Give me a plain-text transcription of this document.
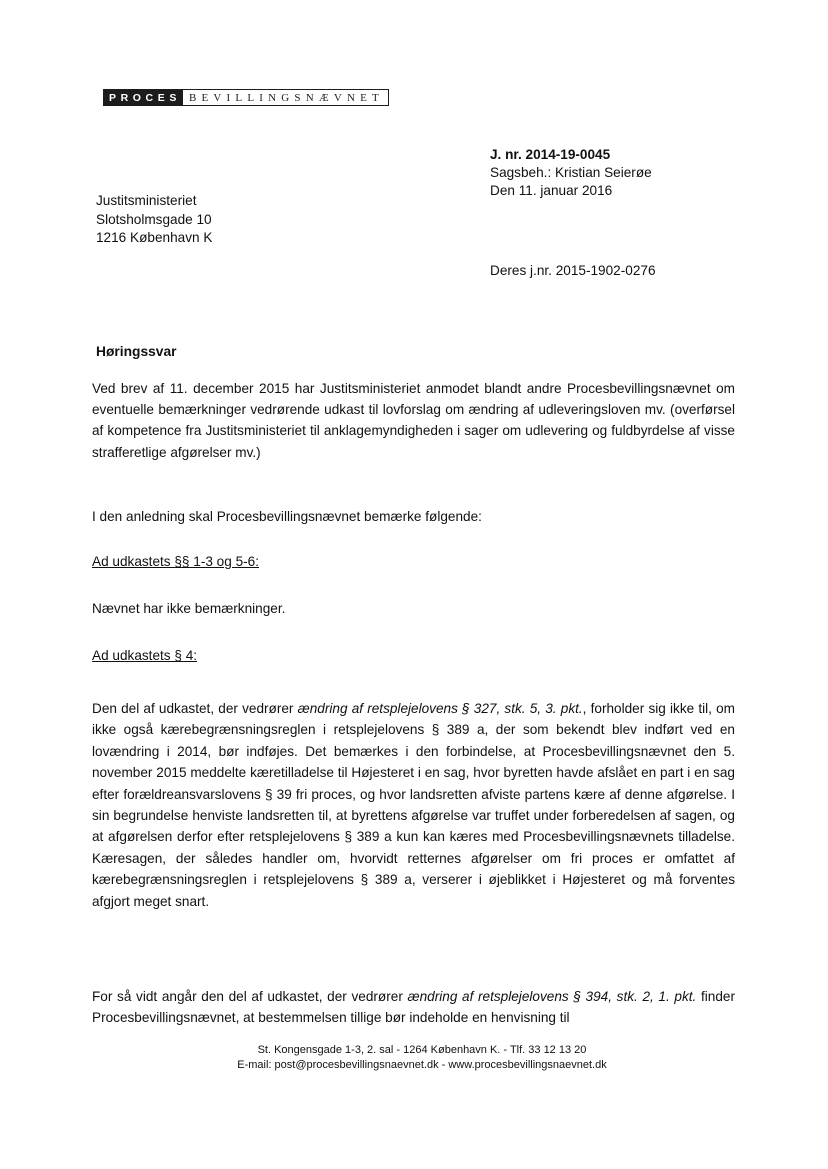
PROCES BEVILLINGSNÆVNET
J. nr. 2014-19-0045
Sagsbeh.: Kristian Seierøe
Den 11. januar 2016
Justitsministeriet
Slotsholmsgade 10
1216 København K
Deres j.nr. 2015-1902-0276
Høringssvar

Ved brev af 11. december 2015 har Justitsministeriet anmodet blandt andre Procesbevillingsnævnet om eventuelle bemærkninger vedrørende udkast til lovforslag om ændring af udleveringsloven mv. (overførsel af kompetence fra Justitsministeriet til anklagemyndigheden i sager om udlevering og fuldbyrdelse af visse strafferetlige afgørelser mv.)

I den anledning skal Procesbevillingsnævnet bemærke følgende:

Ad udkastets §§ 1-3 og 5-6:

Nævnet har ikke bemærkninger.

Ad udkastets § 4:

Den del af udkastet, der vedrører ændring af retsplejelovens § 327, stk. 5, 3. pkt., forholder sig ikke til, om ikke også kærebegrænsningsreglen i retsplejelovens § 389 a, der som bekendt blev indført ved en lovændring i 2014, bør indføjes. Det bemærkes i den forbindelse, at Procesbevillingsnævnet den 5. november 2015 meddelte kæretilladelse til Højesteret i en sag, hvor byretten havde afslået en part i en sag efter forældreansvarslovens § 39 fri proces, og hvor landsretten afviste partens kære af denne afgørelse. I sin begrundelse henviste landsretten til, at byrettens afgørelse var truffet under forberedelsen af sagen, og at afgørelsen derfor efter retsplejelovens § 389 a kun kan kæres med Procesbevillingsnævnets tilladelse. Kæresagen, der således handler om, hvorvidt retternes afgørelser om fri proces er omfattet af kærebegrænsningsreglen i retsplejelovens § 389 a, verserer i øjeblikket i Højesteret og må forventes afgjort meget snart.

For så vidt angår den del af udkastet, der vedrører ændring af retsplejelovens § 394, stk. 2, 1. pkt. finder Procesbevillingsnævnet, at bestemmelsen tillige bør indeholde en henvisning til

St. Kongensgade 1-3, 2. sal - 1264 København K. - Tlf. 33 12 13 20
E-mail: post@procesbevillingsnaevnet.dk - www.procesbevillingsnaevnet.dk
